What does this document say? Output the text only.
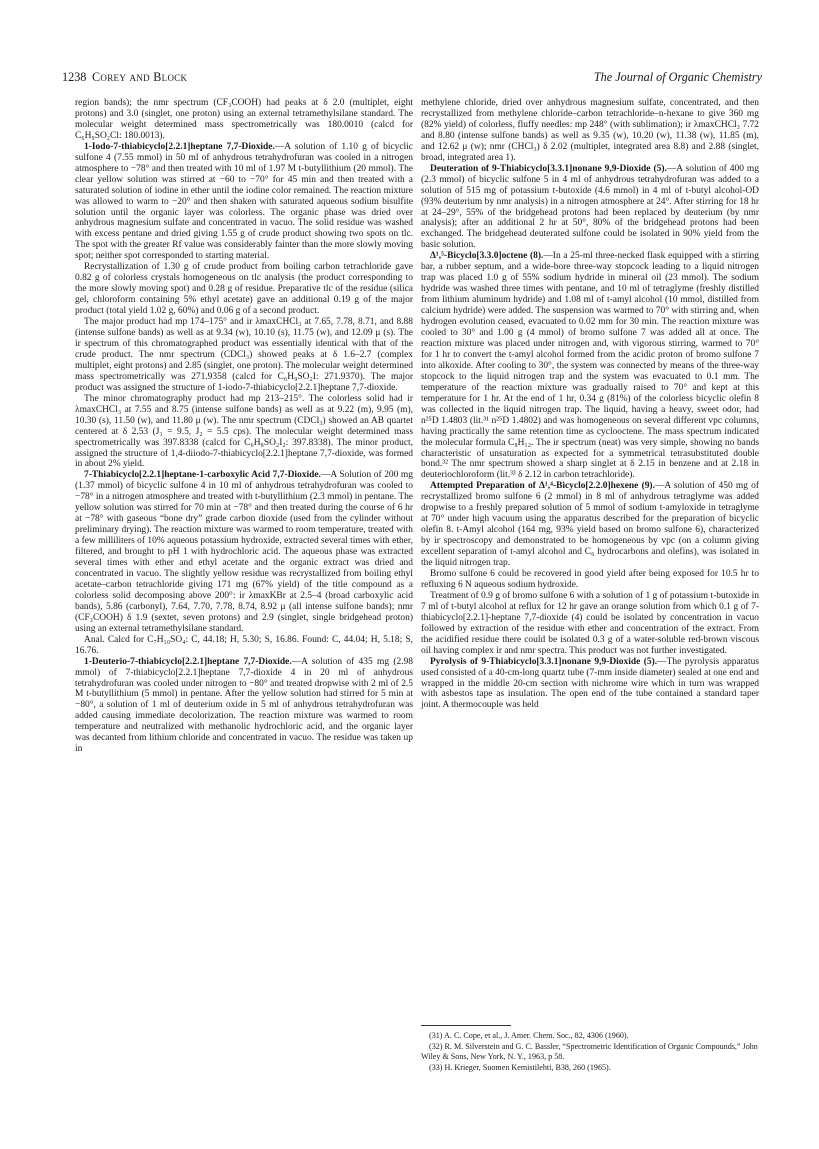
1238 Corey and Block	The Journal of Organic Chemistry

region bands); the nmr spectrum (CF₃COOH) had peaks at δ 2.0 (multiplet, eight protons) and 3.0 (singlet, one proton) using an external tetramethylsilane standard. The molecular weight determined mass spectrometrically was 180.0010 (calcd for C₆H₉SO₂Cl: 180.0013).

1-Iodo-7-thiabicyclo[2.2.1]heptane 7,7-Dioxide.—A solution of 1.10 g of bicyclic sulfone 4 (7.55 mmol) in 50 ml of anhydrous tetrahydrofuran was cooled in a nitrogen atmosphere to −78° and then treated with 10 ml of 1.97 M t-butyllithium (20 mmol). The clear yellow solution was stirred at −60 to −70° for 45 min and then treated with a saturated solution of iodine in ether until the iodine color remained. The reaction mixture was allowed to warm to −20° and then shaken with saturated aqueous sodium bisulfite solution until the organic layer was colorless. The organic phase was dried over anhydrous magnesium sulfate and concentrated in vacuo. The solid residue was washed with excess pentane and dried giving 1.55 g of crude product showing two spots on tlc. The spot with the greater Rf value was considerably fainter than the more slowly moving spot; neither spot corresponded to starting material.

Recrystallization of 1.30 g of crude product from boiling carbon tetrachloride gave 0.82 g of colorless crystals homogeneous on tlc analysis (the product corresponding to the more slowly moving spot) and 0.28 g of residue. Preparative tlc of the residue (silica gel, chloroform containing 5% ethyl acetate) gave an additional 0.19 g of the major product (total yield 1.02 g, 60%) and 0.06 g of a second product.

The major product had mp 174–175° and ir λmaxCHCl₃ at 7.65, 7.78, 8.71, and 8.88 (intense sulfone bands) as well as at 9.34 (w), 10.10 (s), 11.75 (w), and 12.09 μ (s). The ir spectrum of this chromatographed product was essentially identical with that of the crude product. The nmr spectrum (CDCl₃) showed peaks at δ 1.6–2.7 (complex multiplet, eight protons) and 2.85 (singlet, one proton). The molecular weight determined mass spectrometrically was 271.9358 (calcd for C₆H₉SO₂I: 271.9370). The major product was assigned the structure of 1-iodo-7-thiabicyclo[2.2.1]heptane 7,7-dioxide.

The minor chromatography product had mp 213–215°. The colorless solid had ir λmaxCHCl₃ at 7.55 and 8.75 (intense sulfone bands) as well as at 9.22 (m), 9.95 (m), 10.30 (s), 11.50 (w), and 11.80 μ (w). The nmr spectrum (CDCl₃) showed an AB quartet centered at δ 2.53 (J₁ = 9.5, J₂ = 5.5 cps). The molecular weight determined mass spectrometrically was 397.8338 (calcd for C₆H₈SO₂I₂: 397.8338). The minor product, assigned the structure of 1,4-diiodo-7-thiabicyclo[2.2.1]heptane 7,7-dioxide, was formed in about 2% yield.

7-Thiabicyclo[2.2.1]heptane-1-carboxylic Acid 7,7-Dioxide.—A Solution of 200 mg (1.37 mmol) of bicyclic sulfone 4 in 10 ml of anhydrous tetrahydrofuran was cooled to −78° in a nitrogen atmosphere and treated with t-butyllithium (2.3 mmol) in pentane. The yellow solution was stirred for 70 min at −78° and then treated during the course of 6 hr at −78° with gaseous “bone dry” grade carbon dioxide (used from the cylinder without preliminary drying). The reaction mixture was warmed to room temperature, treated with a few milliliters of 10% aqueous potassium hydroxide, extracted several times with ether, filtered, and brought to pH 1 with hydrochloric acid. The aqueous phase was extracted several times with ether and ethyl acetate and the organic extract was dried and concentrated in vacuo. The slightly yellow residue was recrystallized from boiling ethyl acetate–carbon tetrachloride giving 171 mg (67% yield) of the title compound as a colorless solid decomposing above 200°: ir λmaxKBr at 2.5–4 (broad carboxylic acid bands), 5.86 (carbonyl), 7.64, 7.70, 7.78, 8.74, 8.92 μ (all intense sulfone bands); nmr (CF₃COOH) δ 1.9 (sextet, seven protons) and 2.9 (singlet, single bridgehead proton) using an external tetramethylsilane standard.

Anal. Calcd for C₇H₁₀SO₄: C, 44.18; H, 5.30; S, 16.86. Found: C, 44.04; H, 5.18; S, 16.76.

1-Deuterio-7-thiabicyclo[2.2.1]heptane 7,7-Dioxide.—A solution of 435 mg (2.98 mmol) of 7-thiabicyclo[2.2.1]heptane 7,7-dioxide 4 in 20 ml of anhydrous tetrahydrofuran was cooled under nitrogen to −80° and treated dropwise with 2 ml of 2.5 M t-butyllithium (5 mmol) in pentane. After the yellow solution had stirred for 5 min at −80°, a solution of 1 ml of deuterium oxide in 5 ml of anhydrous tetrahydrofuran was added causing immediate decolorization. The reaction mixture was warmed to room temperature and neutralized with methanolic hydrochloric acid, and the organic layer was decanted from lithium chloride and concentrated in vacuo. The residue was taken up in

methylene chloride, dried over anhydrous magnesium sulfate, concentrated, and then recrystallized from methylene chloride–carbon tetrachloride–n-hexane to give 360 mg (82% yield) of colorless, fluffy needles: mp 248° (with sublimation); ir λmaxCHCl₃ 7.72 and 8.80 (intense sulfone bands) as well as 9.35 (w), 10.20 (w), 11.38 (w), 11.85 (m), and 12.62 μ (w); nmr (CHCl₃) δ 2.02 (multiplet, integrated area 8.8) and 2.88 (singlet, broad, integrated area 1).

Deuteration of 9-Thiabicyclo[3.3.1]nonane 9,9-Dioxide (5).—A solution of 400 mg (2.3 mmol) of bicyclic sulfone 5 in 4 ml of anhydrous tetrahydrofuran was added to a solution of 515 mg of potassium t-butoxide (4.6 mmol) in 4 ml of t-butyl alcohol-OD (93% deuterium by nmr analysis) in a nitrogen atmosphere at 24°. After stirring for 18 hr at 24–29°, 55% of the bridgehead protons had been replaced by deuterium (by nmr analysis); after an additional 2 hr at 50°, 80% of the bridgehead protons had been exchanged. The bridgehead deuterated sulfone could be isolated in 90% yield from the basic solution.

Δ¹,⁵-Bicyclo[3.3.0]octene (8).—In a 25-ml three-necked flask equipped with a stirring bar, a rubber septum, and a wide-bore three-way stopcock leading to a liquid nitrogen trap was placed 1.0 g of 55% sodium hydride in mineral oil (23 mmol). The sodium hydride was washed three times with pentane, and 10 ml of tetraglyme (freshly distilled from lithium aluminum hydride) and 1.08 ml of t-amyl alcohol (10 mmol, distilled from calcium hydride) were added. The suspension was warmed to 70° with stirring and, when hydrogen evolution ceased, evacuated to 0.02 mm for 30 min. The reaction mixture was cooled to 30° and 1.00 g (4 mmol) of bromo sulfone 7 was added all at once. The reaction mixture was placed under nitrogen and, with vigorous stirring, warmed to 70° for 1 hr to convert the t-amyl alcohol formed from the acidic proton of bromo sulfone 7 into alkoxide. After cooling to 30°, the system was connected by means of the three-way stopcock to the liquid nitrogen trap and the system was evacuated to 0.1 mm. The temperature of the reaction mixture was gradually raised to 70° and kept at this temperature for 1 hr. At the end of 1 hr, 0.34 g (81%) of the colorless bicyclic olefin 8 was collected in the liquid nitrogen trap. The liquid, having a heavy, sweet odor, had n²⁵D 1.4803 (lit.³¹ n²⁵D 1.4802) and was homogeneous on several different vpc columns, having practically the same retention time as cyclooctene. The mass spectrum indicated the molecular formula C₈H₁₂. The ir spectrum (neat) was very simple, showing no bands characteristic of unsaturation as expected for a symmetrical tetrasubstituted double bond.³² The nmr spectrum showed a sharp singlet at δ 2.15 in benzene and at 2.18 in deuteriochloroform (lit.³³ δ 2.12 in carbon tetrachloride).

Attempted Preparation of Δ¹,⁴-Bicyclo[2.2.0]hexene (9).—A solution of 450 mg of recrystallized bromo sulfone 6 (2 mmol) in 8 ml of anhydrous tetraglyme was added dropwise to a freshly prepared solution of 5 mmol of sodium t-amyloxide in tetraglyme at 70° under high vacuum using the apparatus described for the preparation of bicyclic olefin 8. t-Amyl alcohol (164 mg, 93% yield based on bromo sulfone 6), characterized by ir spectroscopy and demonstrated to be homogeneous by vpc (on a column giving excellent separation of t-amyl alcohol and C₆ hydrocarbons and olefins), was isolated in the liquid nitrogen trap.

Bromo sulfone 6 could be recovered in good yield after being exposed for 10.5 hr to refluxing 6 N aqueous sodium hydroxide.

Treatment of 0.9 g of bromo sulfone 6 with a solution of 1 g of potassium t-butoxide in 7 ml of t-butyl alcohol at reflux for 12 hr gave an orange solution from which 0.1 g of 7-thiabicyclo[2.2.1]-heptane 7,7-dioxide (4) could be isolated by concentration in vacuo followed by extraction of the residue with ether and concentration of the extract. From the acidified residue there could be isolated 0.3 g of a water-soluble red-brown viscous oil having complex ir and nmr spectra. This product was not further investigated.

Pyrolysis of 9-Thiabicyclo[3.3.1]nonane 9,9-Dioxide (5).—The pyrolysis apparatus used consisted of a 40-cm-long quartz tube (7-mm inside diameter) sealed at one end and wrapped in the middle 20-cm section with nichrome wire which in turn was wrapped with asbestos tape as insulation. The open end of the tube contained a standard taper joint. A thermocouple was held

(31) A. C. Cope, et al., J. Amer. Chem. Soc., 82, 4306 (1960).
(32) R. M. Silverstein and G. C. Bassler, “Spectrometric Identification of Organic Compounds,” John Wiley & Sons, New York, N. Y., 1963, p 58.
(33) H. Krieger, Suomen Kemistilehti, B38, 260 (1965).
